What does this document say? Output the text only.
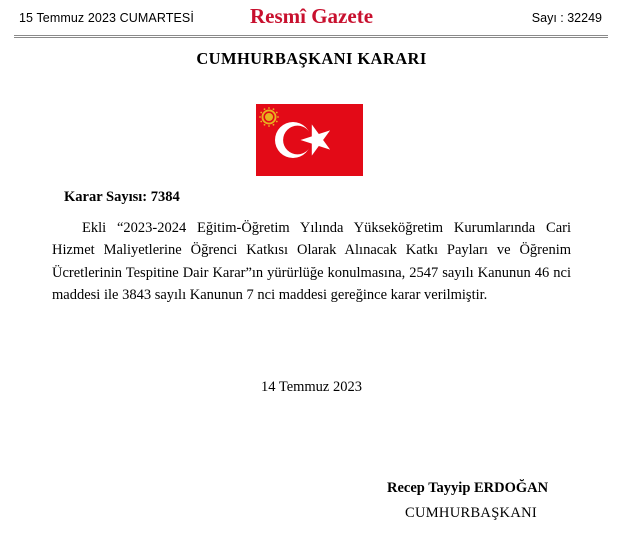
15 Temmuz 2023 CUMARTESİ	Resmî Gazete	Sayı : 32249
CUMHURBAŞKANI KARARI
Karar Sayısı: 7384

Ekli “2023-2024 Eğitim-Öğretim Yılında Yükseköğretim Kurumlarında Cari Hizmet Maliyetlerine Öğrenci Katkısı Olarak Alınacak Katkı Payları ve Öğrenim Ücretlerinin Tespitine Dair Karar”ın yürürlüğe konulmasına, 2547 sayılı Kanunun 46 nci maddesi ile 3843 sayılı Kanunun 7 nci maddesi gereğince karar verilmiştir.

14 Temmuz 2023
Recep Tayyip ERDOĞAN
CUMHURBAŞKANI
